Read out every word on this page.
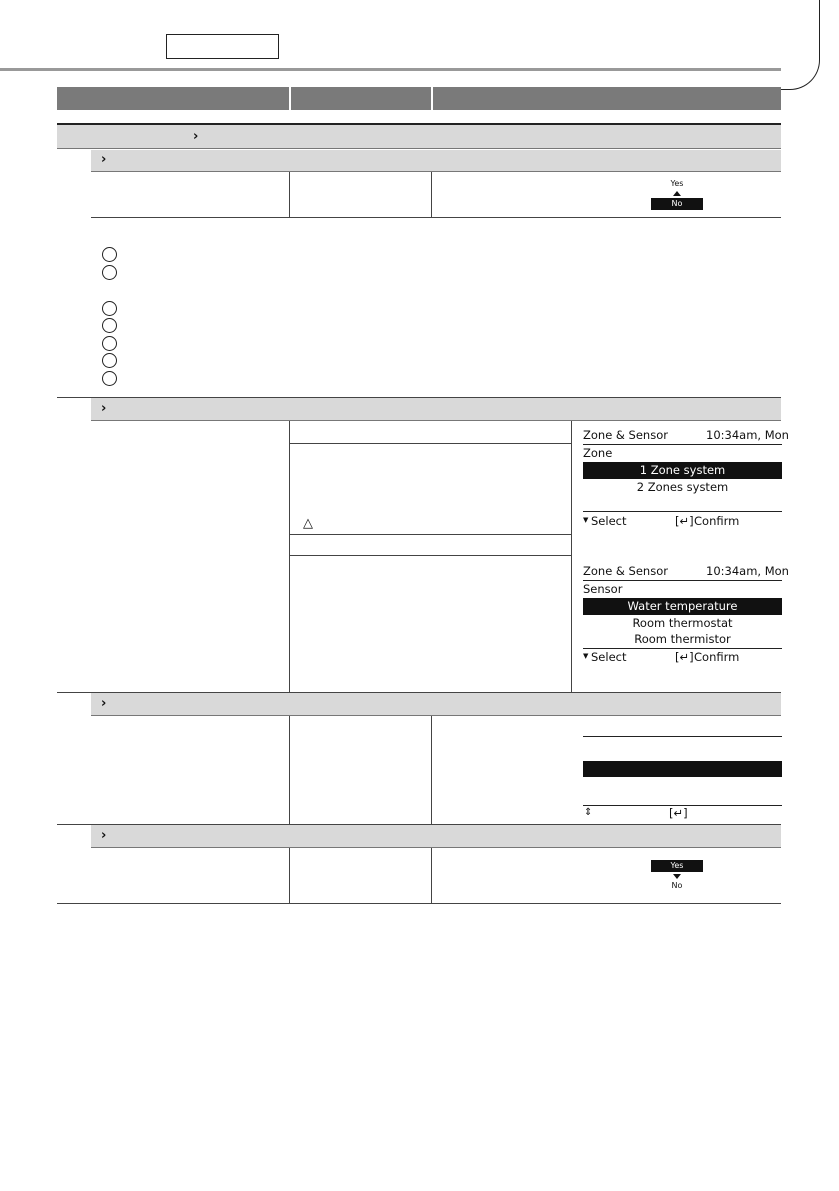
›
›
Yes
No
›
△
Zone & Sensor	10:34am, Mon
Zone
1 Zone system
2 Zones system
▼ Select	[↵] Confirm
Zone & Sensor	10:34am, Mon
Sensor
Water temperature
Room thermostat
Room thermistor
▼ Select	[↵] Confirm
›
⇕	[↵]
›
Yes
No
